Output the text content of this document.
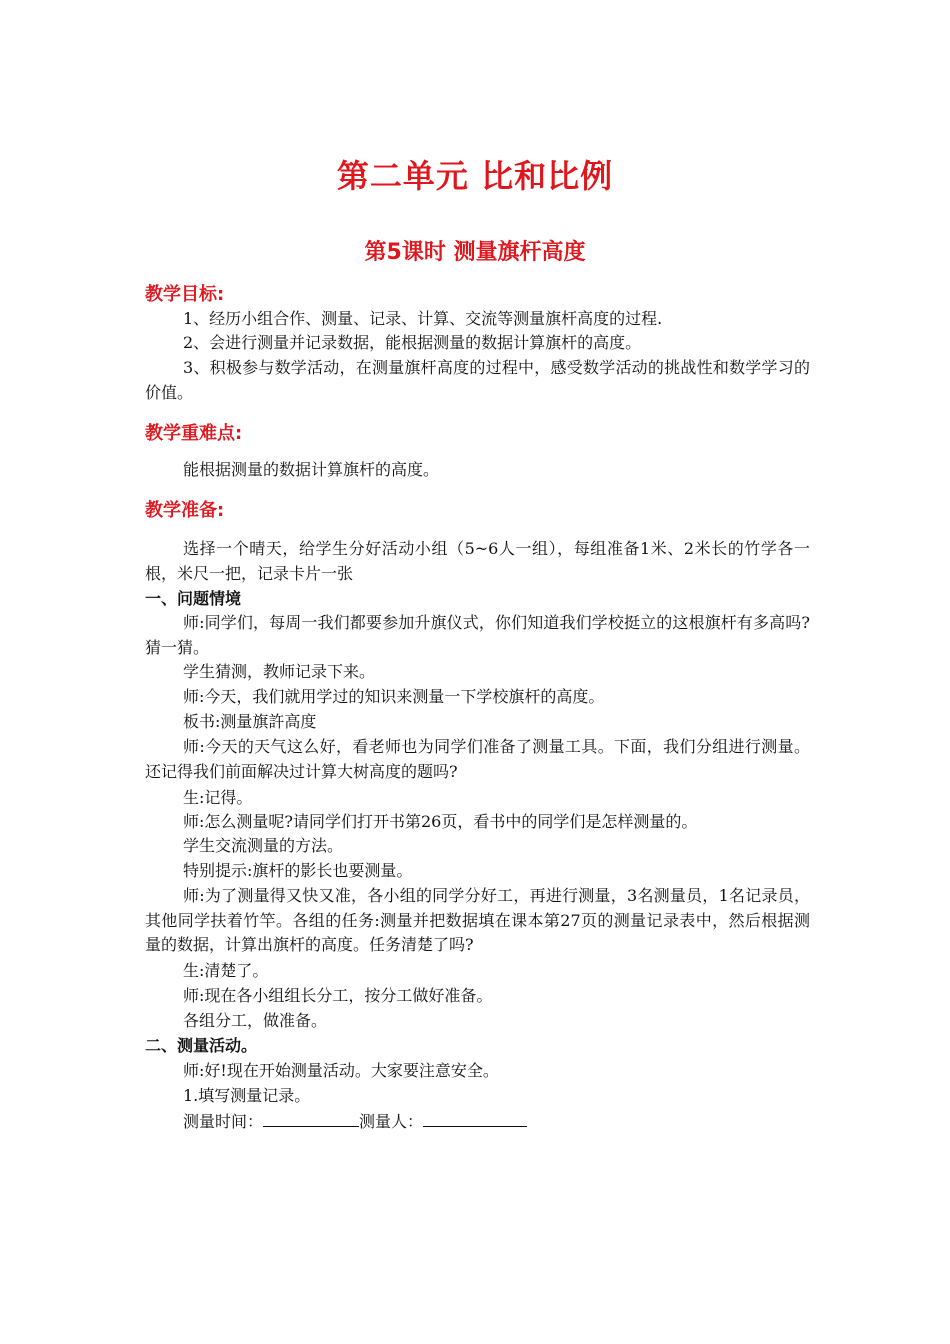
第二单元 比和比例
第5课时 测量旗杆高度
教学目标:
1、经历小组合作、测量、记录、计算、交流等测量旗杆高度的过程.
2、会进行测量并记录数据，能根据测量的数据计算旗杆的高度。
3、积极参与数学活动，在测量旗杆高度的过程中，感受数学活动的挑战性和数学学习的价值。
教学重难点:
能根据测量的数据计算旗杆的高度。
教学准备:
选择一个晴天，给学生分好活动小组（5~6人一组），每组准备1米、2米长的竹学各一根，米尺一把，记录卡片一张
一、问题情境
师:同学们，每周一我们都要参加升旗仪式，你们知道我们学校挺立的这根旗杆有多高吗?猜一猜。
学生猜测，教师记录下来。
师:今天，我们就用学过的知识来测量一下学校旗杆的高度。
板书:测量旗許高度
师:今天的天气这么好，看老师也为同学们准备了测量工具。下面，我们分组进行测量。还记得我们前面解决过计算大树高度的题吗?
生:记得。
师:怎么测量呢?请同学们打开书第26页，看书中的同学们是怎样测量的。
学生交流测量的方法。
特别提示:旗杆的影长也要测量。
师:为了测量得又快又准，各小组的同学分好工，再进行测量，3名测量员，1名记录员，其他同学扶着竹竿。各组的任务:测量并把数据填在课本第27页的测量记录表中，然后根据测量的数据，计算出旗杆的高度。任务清楚了吗?
生:清楚了。
师:现在各小组组长分工，按分工做好准备。
各组分工，做准备。
二、测量活动。
师:好!现在开始测量活动。大家要注意安全。
1.填写测量记录。
测量时间：	测量人：
